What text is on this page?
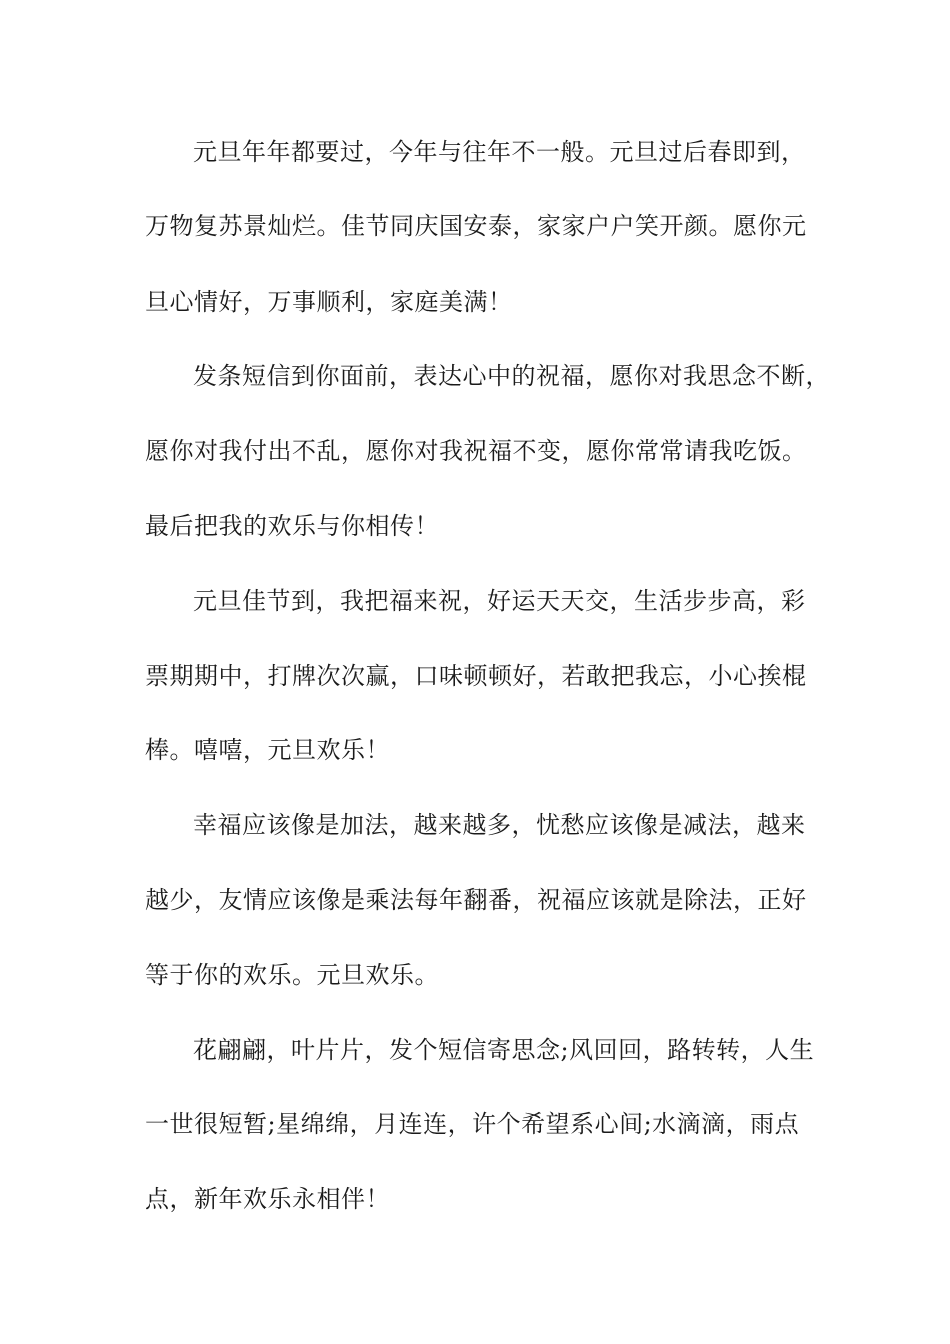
元旦年年都要过，今年与往年不一般。元旦过后春即到，
万物复苏景灿烂。佳节同庆国安泰，家家户户笑开颜。愿你元
旦心情好，万事顺利，家庭美满！
发条短信到你面前，表达心中的祝福，愿你对我思念不断，
愿你对我付出不乱，愿你对我祝福不变，愿你常常请我吃饭。
最后把我的欢乐与你相传！
元旦佳节到，我把福来祝，好运天天交，生活步步高，彩
票期期中，打牌次次赢，口味顿顿好，若敢把我忘，小心挨棍
棒。嘻嘻，元旦欢乐！
幸福应该像是加法，越来越多，忧愁应该像是减法，越来
越少，友情应该像是乘法每年翻番，祝福应该就是除法，正好
等于你的欢乐。元旦欢乐。
花翩翩，叶片片，发个短信寄思念;风回回，路转转，人生
一世很短暂;星绵绵，月连连，许个希望系心间;水滴滴，雨点
点，新年欢乐永相伴！
